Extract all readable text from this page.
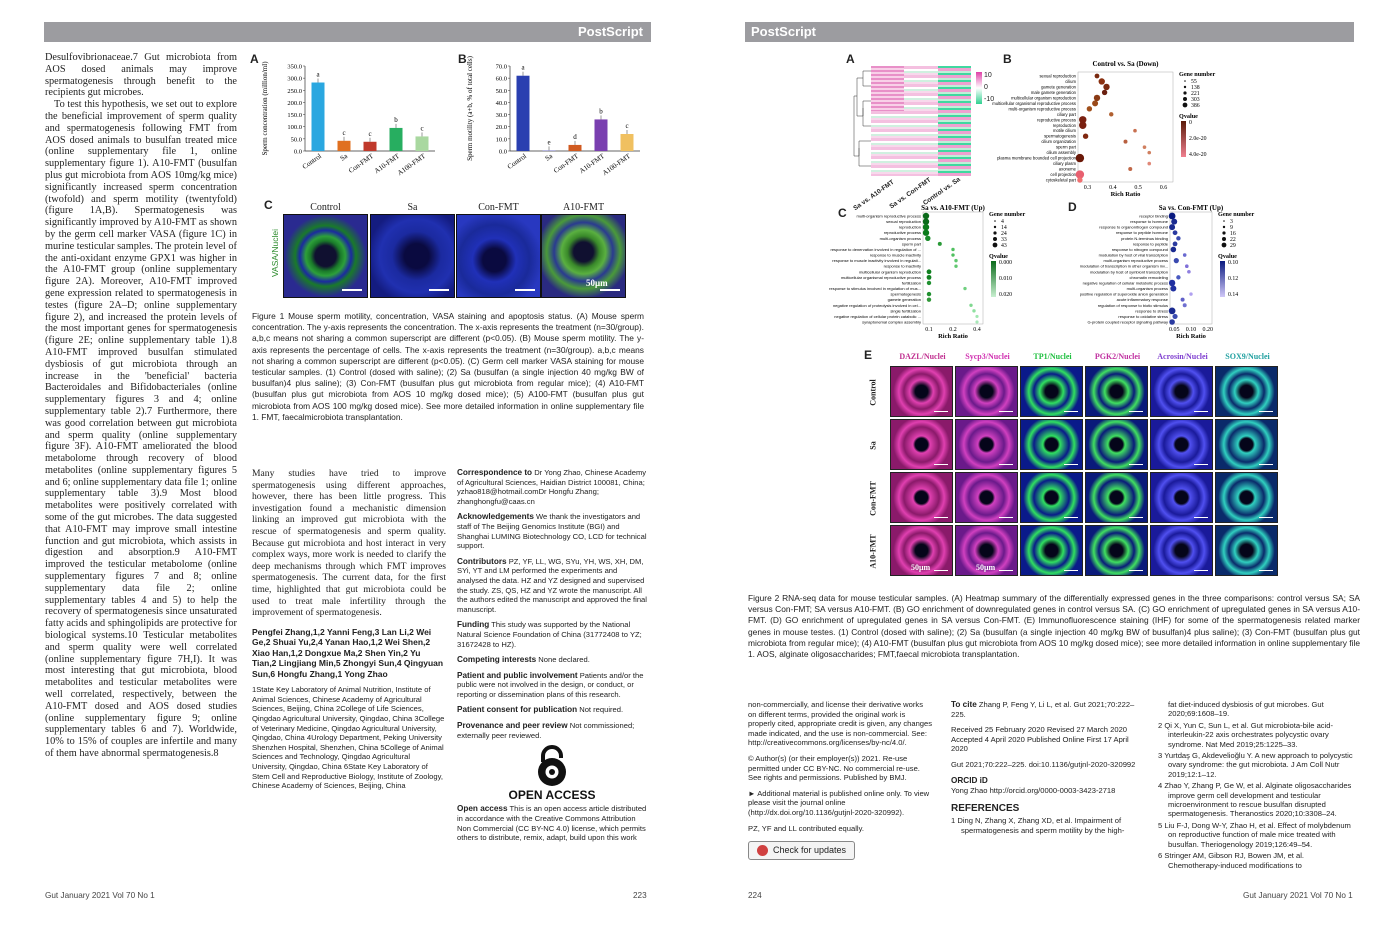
PostScript

Desulfovibrionaceae.7 Gut microbiota from AOS dosed animals may improve spermatogenesis through benefit to the recipients gut microbes.

To test this hypothesis, we set out to explore the beneficial improvement of sperm quality and spermatogenesis following FMT from AOS dosed animals to busulfan treated mice (online supplementary file 1, online supplementary figure 1). A10-FMT (busulfan plus gut microbiota from AOS 10mg/kg mice) significantly increased sperm concentration (twofold) and sperm motility (twentyfold) (figure 1A,B). Spermatogenesis was significantly improved by A10-FMT as shown by the germ cell marker VASA (figure 1C) in murine testicular samples. The protein level of the anti-oxidant enzyme GPX1 was higher in the A10-FMT group (online supplementary figure 2A). Moreover, A10-FMT improved gene expression related to spermatogenesis in testes (figure 2A–D; online supplementary figure 2), and increased the protein levels of the most important genes for spermatogenesis (figure 2E; online supplementary table 1).8 A10-FMT improved busulfan stimulated dysbiosis of gut microbiota through an increase in the 'beneficial' bacteria Bacteroidales and Bifidobacteriales (online supplementary figures 3 and 4; online supplementary table 2).7 Furthermore, there was good correlation between gut microbiota and sperm quality (online supplementary figure 3F). A10-FMT ameliorated the blood metabolome through recovery of blood metabolites (online supplementary figures 5 and 6; online supplementary data file 1; online supplementary table 3).9 Most blood metabolites were positively correlated with some of the gut microbes. The data suggested that A10-FMT may improve small intestine function and gut microbiota, which assists in digestion and absorption.9 A10-FMT improved the testicular metabolome (online supplementary figures 7 and 8; online supplementary data file 2; online supplementary tables 4 and 5) to help the recovery of spermatogenesis since unsaturated fatty acids and sphingolipids are protective for biological systems.10 Testicular metabolites and sperm quality were well correlated (online supplementary figure 7H,I). It was most interesting that gut microbiota, blood metabolites and testicular metabolites were well correlated, respectively, between the A10-FMT dosed and AOS dosed studies (online supplementary figure 9; online supplementary tables 6 and 7). Worldwide, 10% to 15% of couples are infertile and many of them have abnormal spermatogenesis.8

A	B
0.0
50.0
100.0
150.0
200.0
250.0
300.0
350.0
Sperm concentration (million/ml)	a
Control
c
Sa
c
Con-FMT
b
A10-FMT
c
A100-FMT
0.0
10.0
20.0
30.0
40.0
50.0
60.0
70.0
Sperm motility (a+b, % of total cells)	a
Control
e
Sa
d
Con-FMT
b
A10-FMT
c
A100-FMT
C
VASA/Nuclei
Control	Sa	Con-FMT	A10-FMT
50μm
Figure 1 Mouse sperm motility, concentration, VASA staining and apoptosis status. (A) Mouse sperm concentration. The y-axis represents the concentration. The x-axis represents the treatment (n=30/group). a,b,c means not sharing a common superscript are different (p<0.05). (B) Mouse sperm motility. The y-axis represents the percentage of cells. The x-axis represents the treatment (n=30/group). a,b,c means not sharing a common superscript are different (p<0.05). (C) Germ cell marker VASA staining for mouse testicular samples. (1) Control (dosed with saline); (2) Sa (busulfan (a single injection 40 mg/kg BW of busulfan)4 plus saline); (3) Con-FMT (busulfan plus gut microbiota from regular mice); (4) A10-FMT (busulfan plus gut microbiota from AOS 10 mg/kg dosed mice); (5) A100-FMT (busulfan plus gut microbiota from AOS 100 mg/kg dosed mice). See more detailed information in online supplementary file 1. FMT, faecalmicrobiota transplantation.

Many studies have tried to improve spermatogenesis using different approaches, however, there has been little progress. This investigation found a mechanistic dimension linking an improved gut microbiota with the rescue of spermatogenesis and sperm quality. Because gut microbiota and host interact in very complex ways, more work is needed to clarify the deep mechanisms through which FMT improves spermatogenesis. The current data, for the first time, highlighted that gut microbiota could be used to treat male infertility through the improvement of spermatogenesis.

Pengfei Zhang,1,2 Yanni Feng,3 Lan Li,2 Wei Ge,2 Shuai Yu,2,4 Yanan Hao,1,2 Wei Shen,2 Xiao Han,1,2 Dongxue Ma,2 Shen Yin,2 Yu Tian,2 Lingjiang Min,5 Zhongyi Sun,4 Qingyuan Sun,6 Hongfu Zhang,1 Yong Zhao

1State Key Laboratory of Animal Nutrition, Institute of Animal Sciences, Chinese Academy of Agricultural Sciences, Beijing, China 2College of Life Sciences, Qingdao Agricultural University, Qingdao, China 3College of Veterinary Medicine, Qingdao Agricultural University, Qingdao, China 4Urology Department, Peking University Shenzhen Hospital, Shenzhen, China 5College of Animal Sciences and Technology, Qingdao Agricultural University, Qingdao, China 6State Key Laboratory of Stem Cell and Reproductive Biology, Institute of Zoology, Chinese Academy of Sciences, Beijing, China

Correspondence to Dr Yong Zhao, Chinese Academy of Agricultural Sciences, Haidian District 100081, China; yzhao818@hotmail.comDr Hongfu Zhang; zhanghongfu@caas.cn
Acknowledgements We thank the investigators and staff of The Beijing Genomics Institute (BGI) and Shanghai LUMING Biotechnology CO, LCD for technical support.
Contributors PZ, YF, LL, WG, SYu, YH, WS, XH, DM, SYi, YT and LM performed the experiments and analysed the data. HZ and YZ designed and supervised the study. ZS, QS, HZ and YZ wrote the manuscript. All the authors edited the manuscript and approved the final manuscript.
Funding This study was supported by the National Natural Science Foundation of China (31772408 to YZ; 31672428 to HZ).
Competing interests None declared.
Patient and public involvement Patients and/or the public were not involved in the design, or conduct, or reporting or dissemination plans of this research.
Patient consent for publication Not required.
Provenance and peer review Not commissioned; externally peer reviewed.
OPEN ACCESS
Open access This is an open access article distributed in accordance with the Creative Commons Attribution Non Commercial (CC BY-NC 4.0) license, which permits others to distribute, remix, adapt, build upon this work
Gut January 2021 Vol 70 No 1	223
PostScript
A
10
0
-10
Sa vs. A10-FMT
Sa vs. Con-FMT
Control vs. Sa
B	Control vs. Sa (Down)
sexual reproduction
cilium
gamete generation
male gamete generation
multicellular organism reproduction
multicellular organismal reproductive process
multi-organism reproductive process
ciliary part
reproductive process
reproduction
motile cilium
spermatogenesis
cilium organization
sperm part
cilium assembly
plasma membrane bounded cell projection
ciliary plasm
axoneme
cell projection
cytoskeletal part
0.3	0.4	0.5	0.6
Rich Ratio
Gene number
55
138
221
303
386
Qvalue
0
2.0e-20
4.0e-20
C	Sa vs. A10-FMT (Up)
multi-organism reproductive process
sexual reproduction
reproduction
reproductive process
multi-organism process
sperm part
response to denervation involved in regulation of ...
response to muscle inactivity
response to muscle inactivity involved in regulati...
response to inactivity
multicellular organism reproduction
multicellular organismal reproductive process
fertilization
response to stimulus involved in regulation of mus...
spermatogenesis
gamete generation
negative regulation of proteolysis involved in cel...
single fertilization
negative regulation of cellular protein catabolic ...
synaptonemal complex assembly
0.1	0.2	0.4
Rich Ratio
Gene number
4
14
24
33
43
Qvalue
0.000
0.010
0.020
D	Sa vs. Con-FMT (Up)
receptor binding
response to hormone
response to organonitrogen compound
response to peptide hormone
protein N-terminus binding
response to peptide
response to nitrogen compound
modulation by host of viral transcription
multi-organism reproductive process
modulation of transcription in other organism inv...
modulation by host of symbiont transcription
chromatin remodeling
negative regulation of cellular metabolic process
multi-organism process
positive regulation of superoxide anion generation
acute inflammatory response
regulation of response to biotic stimulus
response to stress
response to oxidative stress
G-protein coupled receptor signaling pathway
0.05 0.10 0.20
Rich Ratio
Gene number
3
9
16
22
29
Qvalue
0.10
0.12
0.14
E	DAZL/Nuclei	Sycp3/Nuclei	TP1/Nuclei	PGK2/Nuclei	Acrosin/Nuclei	SOX9/Nuclei
Control
Sa
Con-FMT
A10-FMT	50μm	50μm
Figure 2 RNA-seq data for mouse testicular samples. (A) Heatmap summary of the differentially expressed genes in the three comparisons: control versus SA; SA versus Con-FMT; SA versus A10-FMT. (B) GO enrichment of downregulated genes in control versus SA. (C) GO enrichment of upregulated genes in SA versus A10-FMT. (D) GO enrichment of upregulated genes in SA versus Con-FMT. (E) Immunofluorescence staining (IHF) for some of the spermatogenesis related marker genes in mouse testes. (1) Control (dosed with saline); (2) Sa (busulfan (a single injection 40 mg/kg BW of busulfan)4 plus saline); (3) Con-FMT (busulfan plus gut microbiota from regular mice); (4) A10-FMT (busulfan plus gut microbiota from AOS 10 mg/kg dosed mice); see more detailed information in online supplementary file 1. AOS, alginate oligosaccharides; FMT,faecal microbiota transplantation.

non-commercially, and license their derivative works on different terms, provided the original work is properly cited, appropriate credit is given, any changes made indicated, and the use is non-commercial. See: http://creativecommons.org/licenses/by-nc/4.0/.

© Author(s) (or their employer(s)) 2021. Re-use permitted under CC BY-NC. No commercial re-use. See rights and permissions. Published by BMJ.

► Additional material is published online only. To view please visit the journal online (http://dx.doi.org/10.1136/gutjnl-2020-320992).

PZ, YF and LL contributed equally.

Check for updates

To cite Zhang P, Feng Y, Li L, et al. Gut 2021;70:222–225.

Received 25 February 2020 Revised 27 March 2020 Accepted 4 April 2020 Published Online First 17 April 2020

Gut 2021;70:222–225. doi:10.1136/gutjnl-2020-320992

ORCID iD

Yong Zhao http://orcid.org/0000-0003-3423-2718

REFERENCES

1 Ding N, Zhang X, Zhang XD, et al. Impairment of spermatogenesis and sperm motility by the high-
fat diet-induced dysbiosis of gut microbes. Gut 2020;69:1608–19.
2 Qi X, Yun C, Sun L, et al. Gut microbiota-bile acid-interleukin-22 axis orchestrates polycystic ovary syndrome. Nat Med 2019;25:1225–33.
3 Yurtdaş G, Akdevelioğlu Y. A new approach to polycystic ovary syndrome: the gut microbiota. J Am Coll Nutr 2019;12:1–12.
4 Zhao Y, Zhang P, Ge W, et al. Alginate oligosaccharides improve germ cell development and testicular microenvironment to rescue busulfan disrupted spermatogenesis. Theranostics 2020;10:3308–24.
5 Liu F-J, Dong W-Y, Zhao H, et al. Effect of molybdenum on reproductive function of male mice treated with busulfan. Theriogenology 2019;126:49–54.
6 Stringer AM, Gibson RJ, Bowen JM, et al. Chemotherapy-induced modifications to
224	Gut January 2021 Vol 70 No 1
